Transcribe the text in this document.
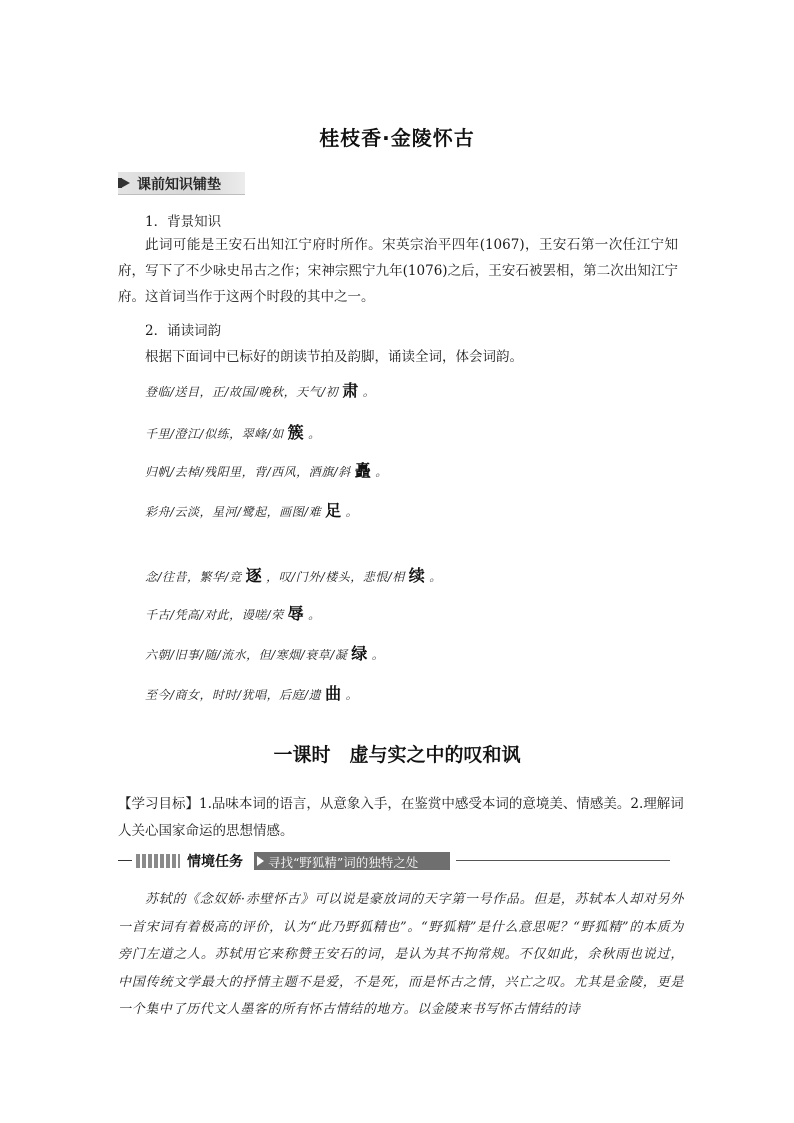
桂枝香·金陵怀古
课前知识铺垫
1．背景知识
此词可能是王安石出知江宁府时所作。宋英宗治平四年(1067)，王安石第一次任江宁知府，写下了不少咏史吊古之作；宋神宗熙宁九年(1076)之后，王安石被罢相，第二次出知江宁府。这首词当作于这两个时段的其中之一。
2．诵读词韵
根据下面词中已标好的朗读节拍及韵脚，诵读全词，体会词韵。
登临/送目，正/故国/晚秋，天气/初 肃 。
千里/澄江/似练，翠峰/如 簇 。
归帆/去棹/残阳里，背/西风，酒旗/斜 矗 。
彩舟/云淡，星河/鹭起，画图/难 足 。
念/往昔，繁华/竞 逐 ，叹/门外/楼头，悲恨/相 续 。
千古/凭高/对此，谩嗟/荣 辱 。
六朝/旧事/随/流水，但/寒烟/衰草/凝 绿 。
至今/商女，时时/犹唱，后庭/遗 曲 。
一课时　虚与实之中的叹和讽
【学习目标】1.品味本词的语言，从意象入手，在鉴赏中感受本词的意境美、情感美。2.理解词人关心国家命运的思想情感。
情境任务 寻找“野狐精”词的独特之处
苏轼的《念奴娇·赤壁怀古》可以说是豪放词的天字第一号作品。但是，苏轼本人却对另外一首宋词有着极高的评价，认为“此乃野狐精也”。“野狐精”是什么意思呢？“野狐精”的本质为旁门左道之人。苏轼用它来称赞王安石的词，是认为其不拘常规。不仅如此，余秋雨也说过，中国传统文学最大的抒情主题不是爱，不是死，而是怀古之情，兴亡之叹。尤其是金陵，更是一个集中了历代文人墨客的所有怀古情结的地方。以金陵来书写怀古情结的诗
